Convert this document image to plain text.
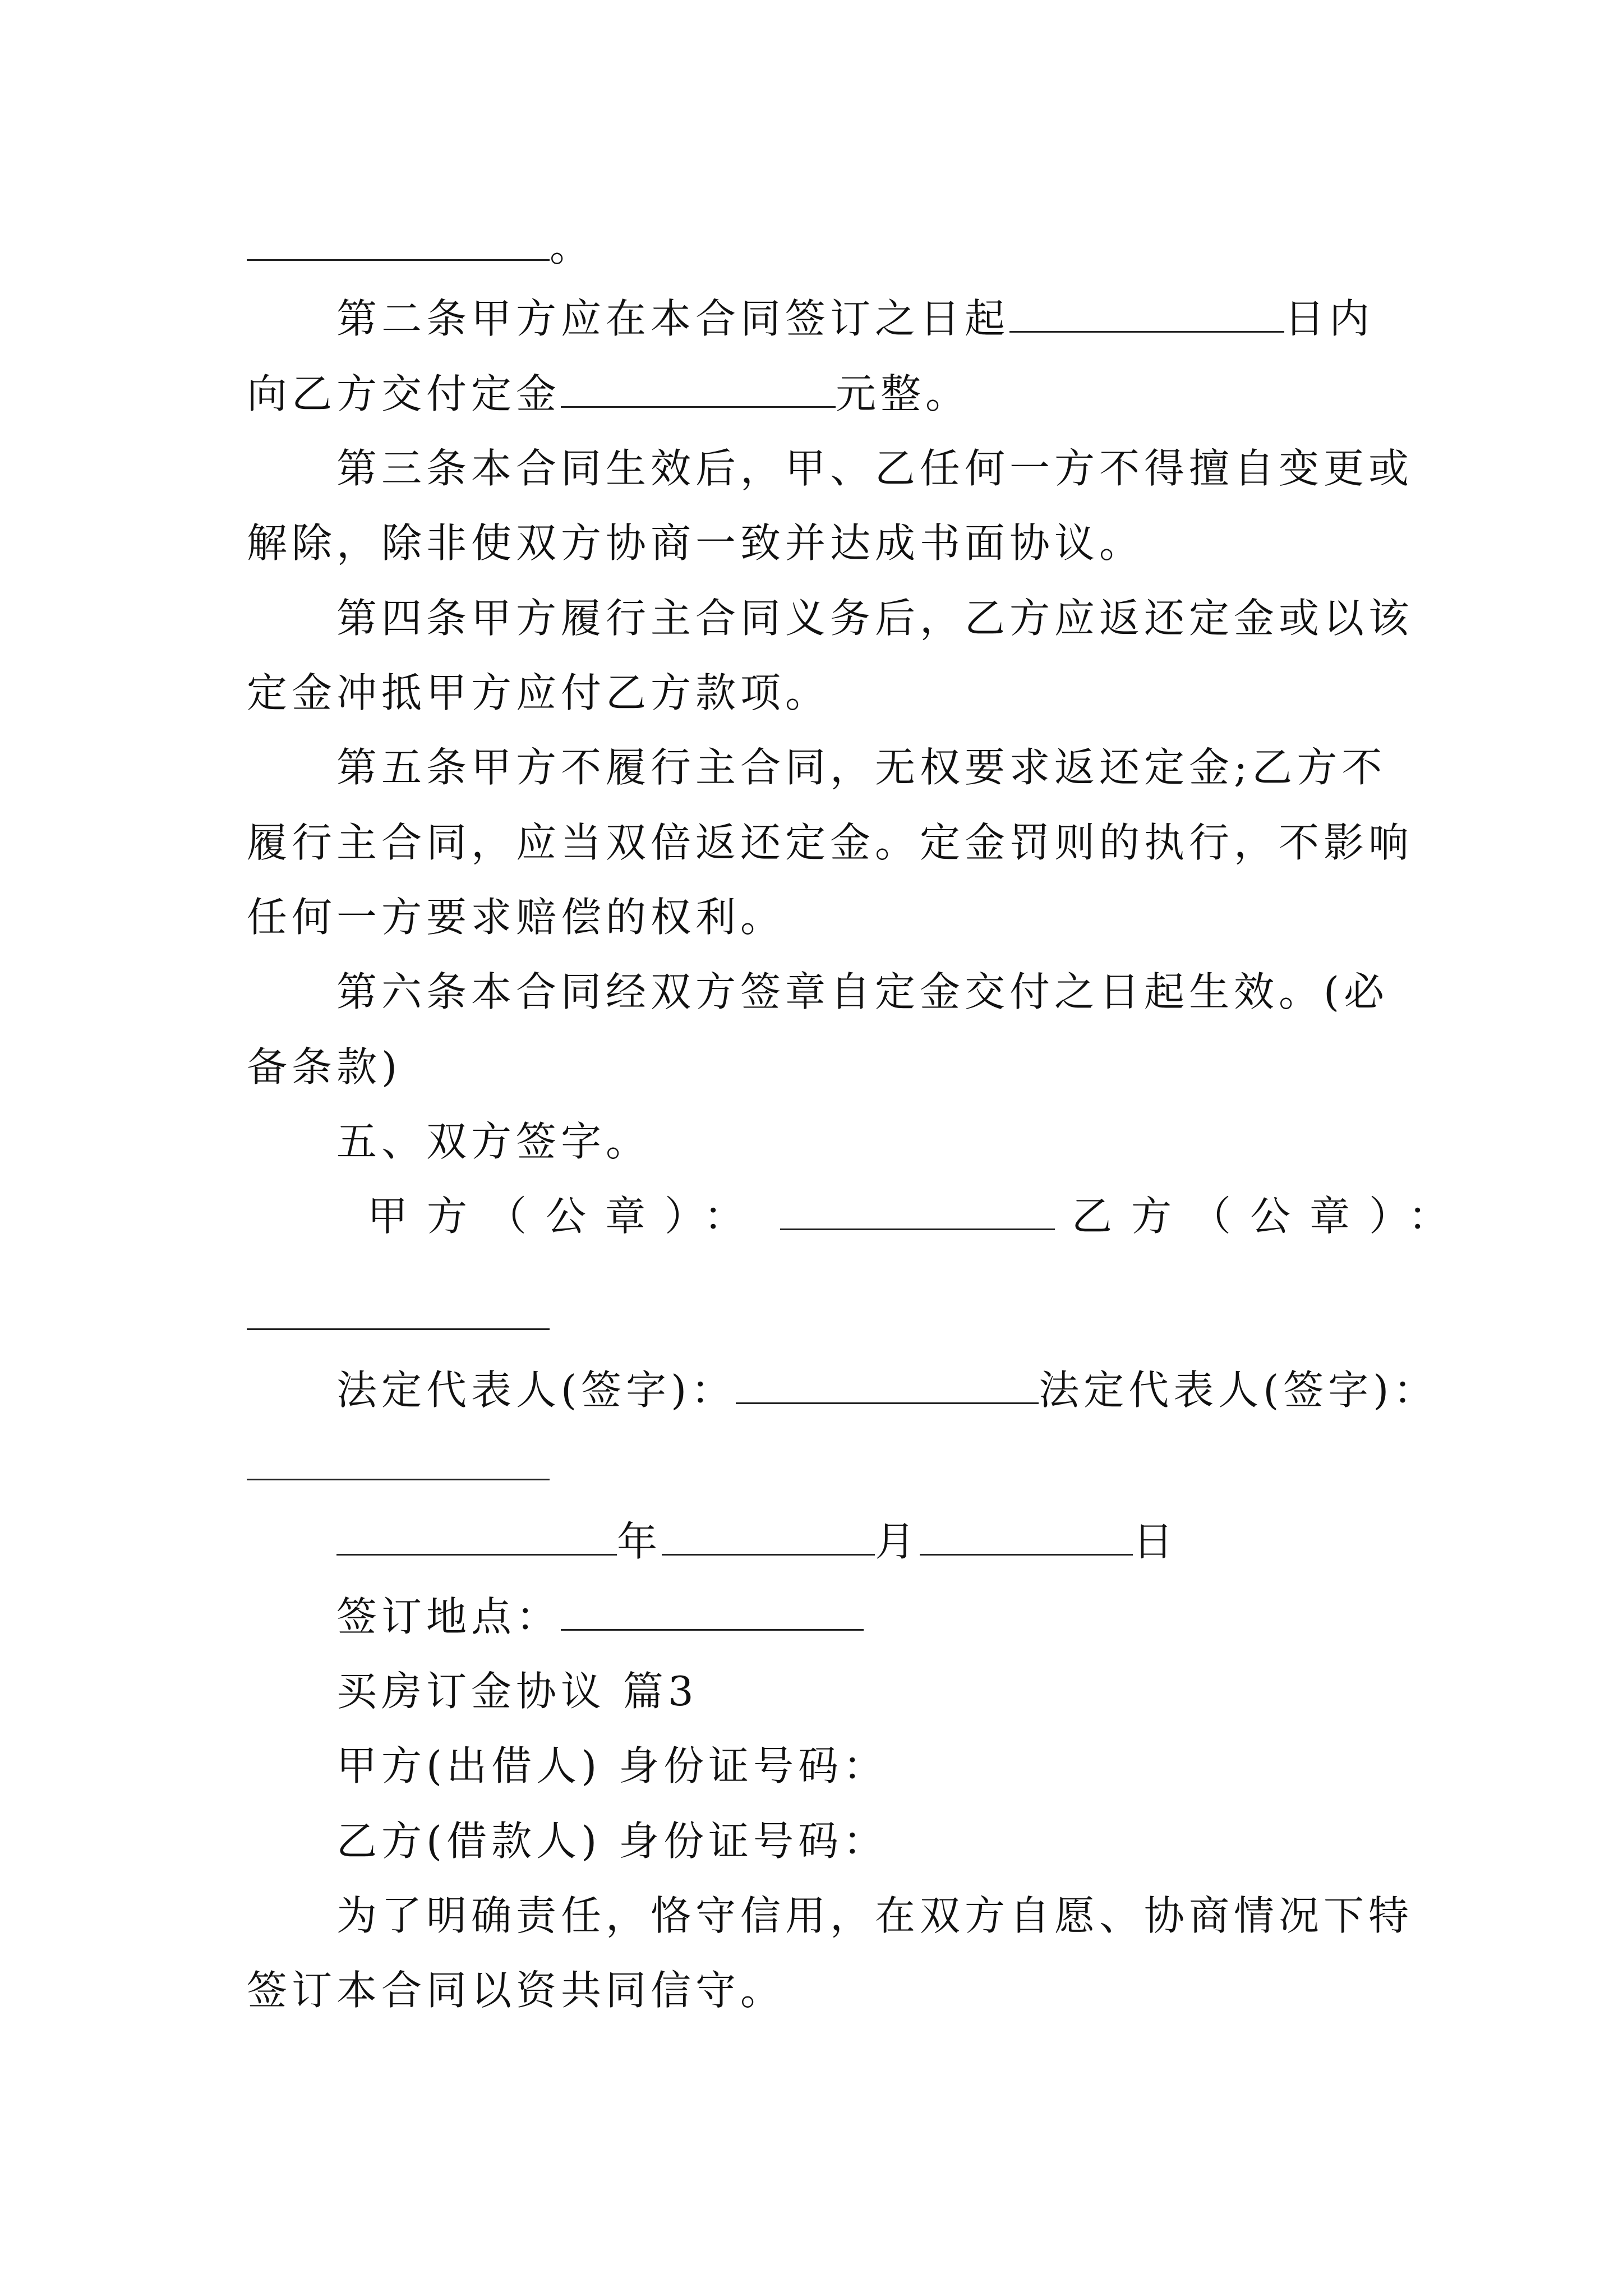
。
第二条甲方应在本合同签订之日起	日内
向乙方交付定金	元整。
第三条本合同生效后，甲、乙任何一方不得擅自变更或
解除，除非使双方协商一致并达成书面协议。
第四条甲方履行主合同义务后，乙方应返还定金或以该
定金冲抵甲方应付乙方款项。
第五条甲方不履行主合同，无权要求返还定金;乙方不
履行主合同，应当双倍返还定金。定金罚则的执行，不影响
任何一方要求赔偿的权利。
第六条本合同经双方签章自定金交付之日起生效。(必
备条款)
五、双方签字。
甲方（公章）：	乙方（公章）：
法定代表人(签字)：	法定代表人(签字)：
年	月	日
签订地点：
买房订金协议 篇3
甲方(出借人) 身份证号码：
乙方(借款人) 身份证号码：
为了明确责任，恪守信用，在双方自愿、协商情况下特
签订本合同以资共同信守。
